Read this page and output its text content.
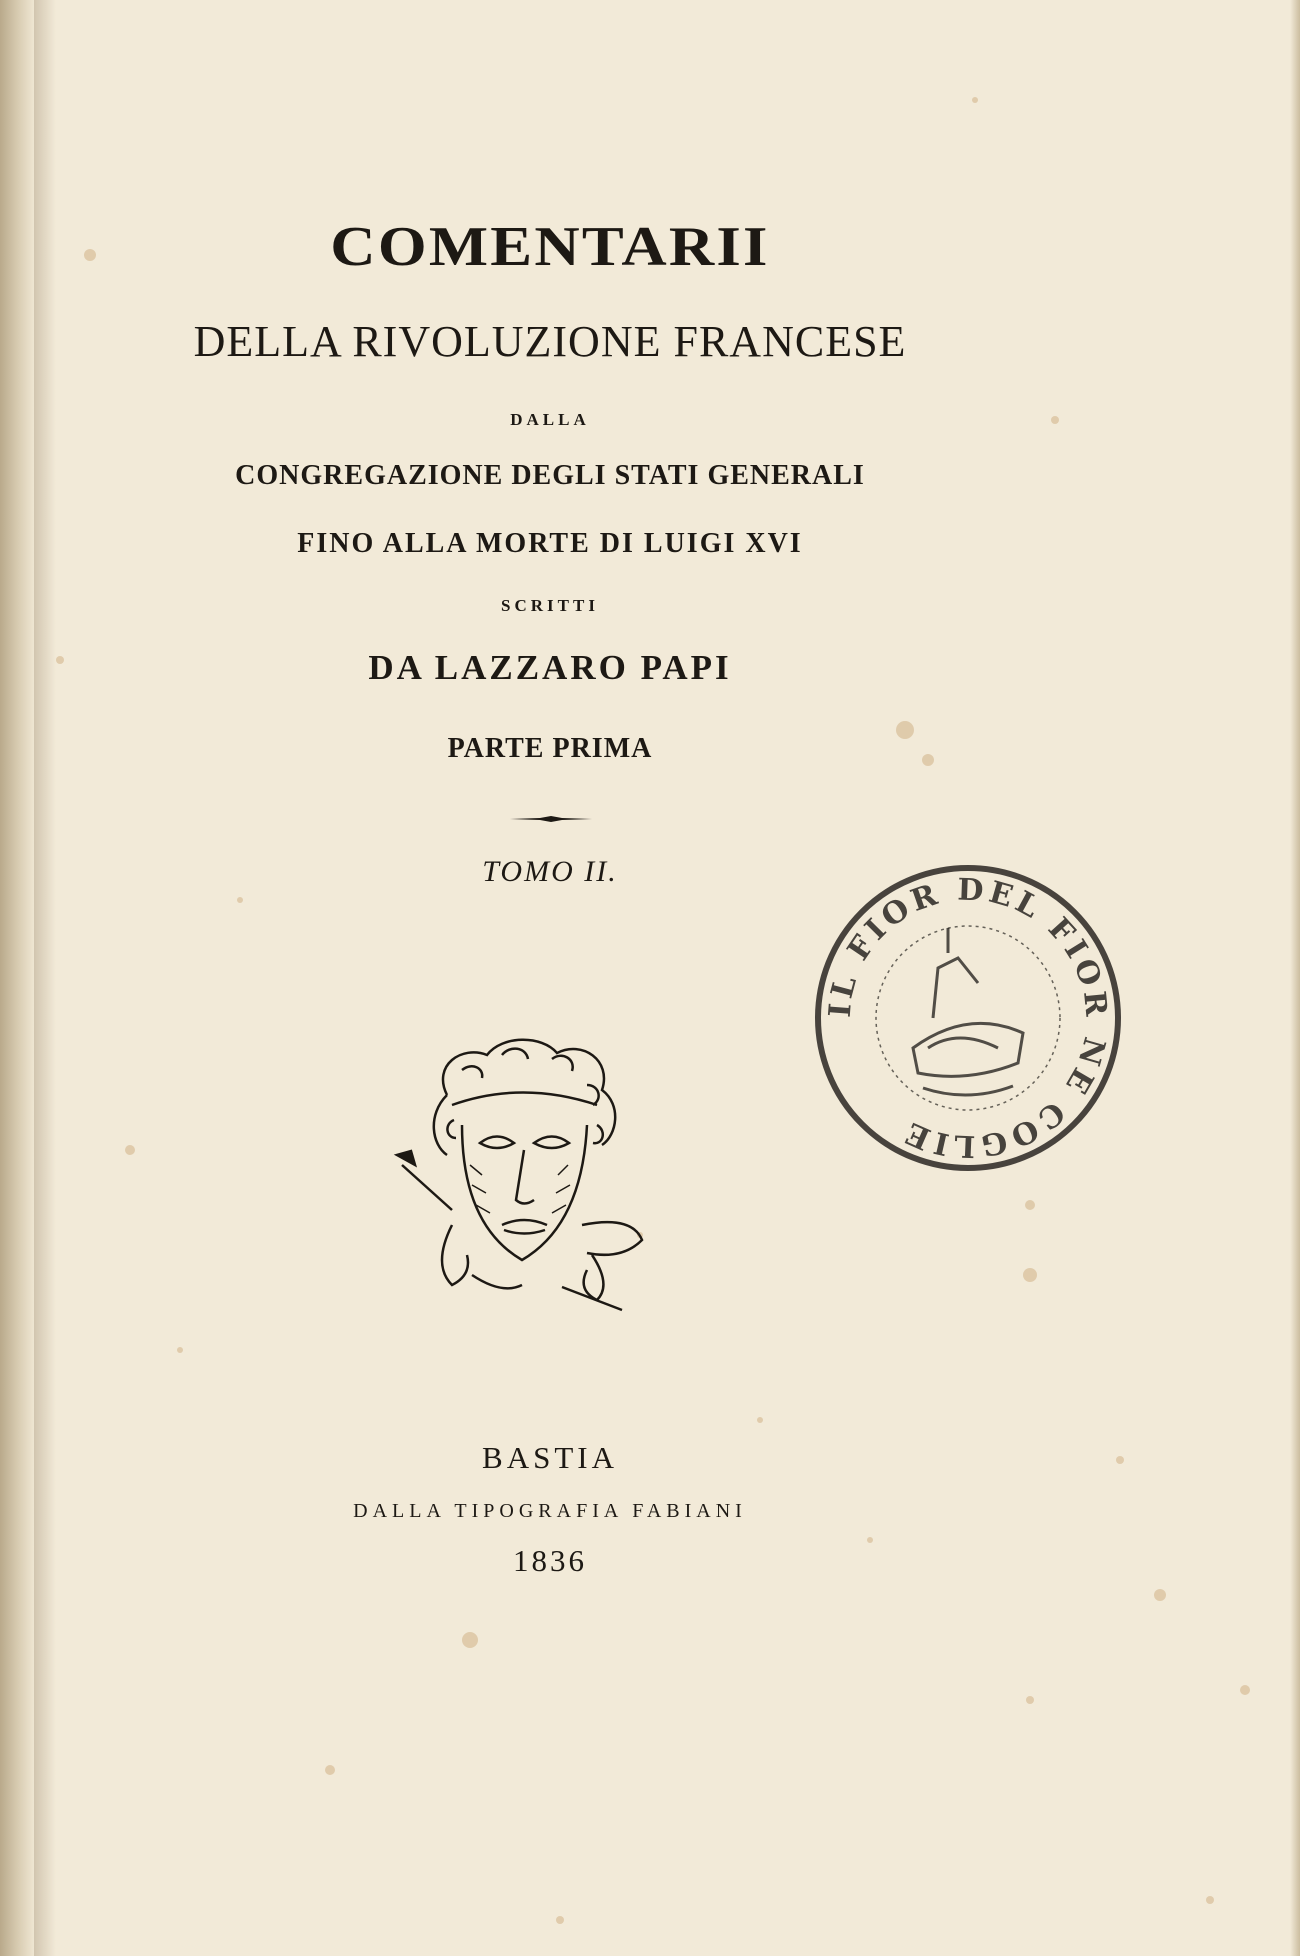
COMENTARII
DELLA RIVOLUZIONE FRANCESE
DALLA
CONGREGAZIONE DEGLI STATI GENERALI
FINO ALLA MORTE DI LUIGI XVI
SCRITTI
DA LAZZARO PAPI
PARTE PRIMA
TOMO II.
IL FIOR DEL FIOR NE COGLIE
BASTIA
DALLA TIPOGRAFIA FABIANI
1836
